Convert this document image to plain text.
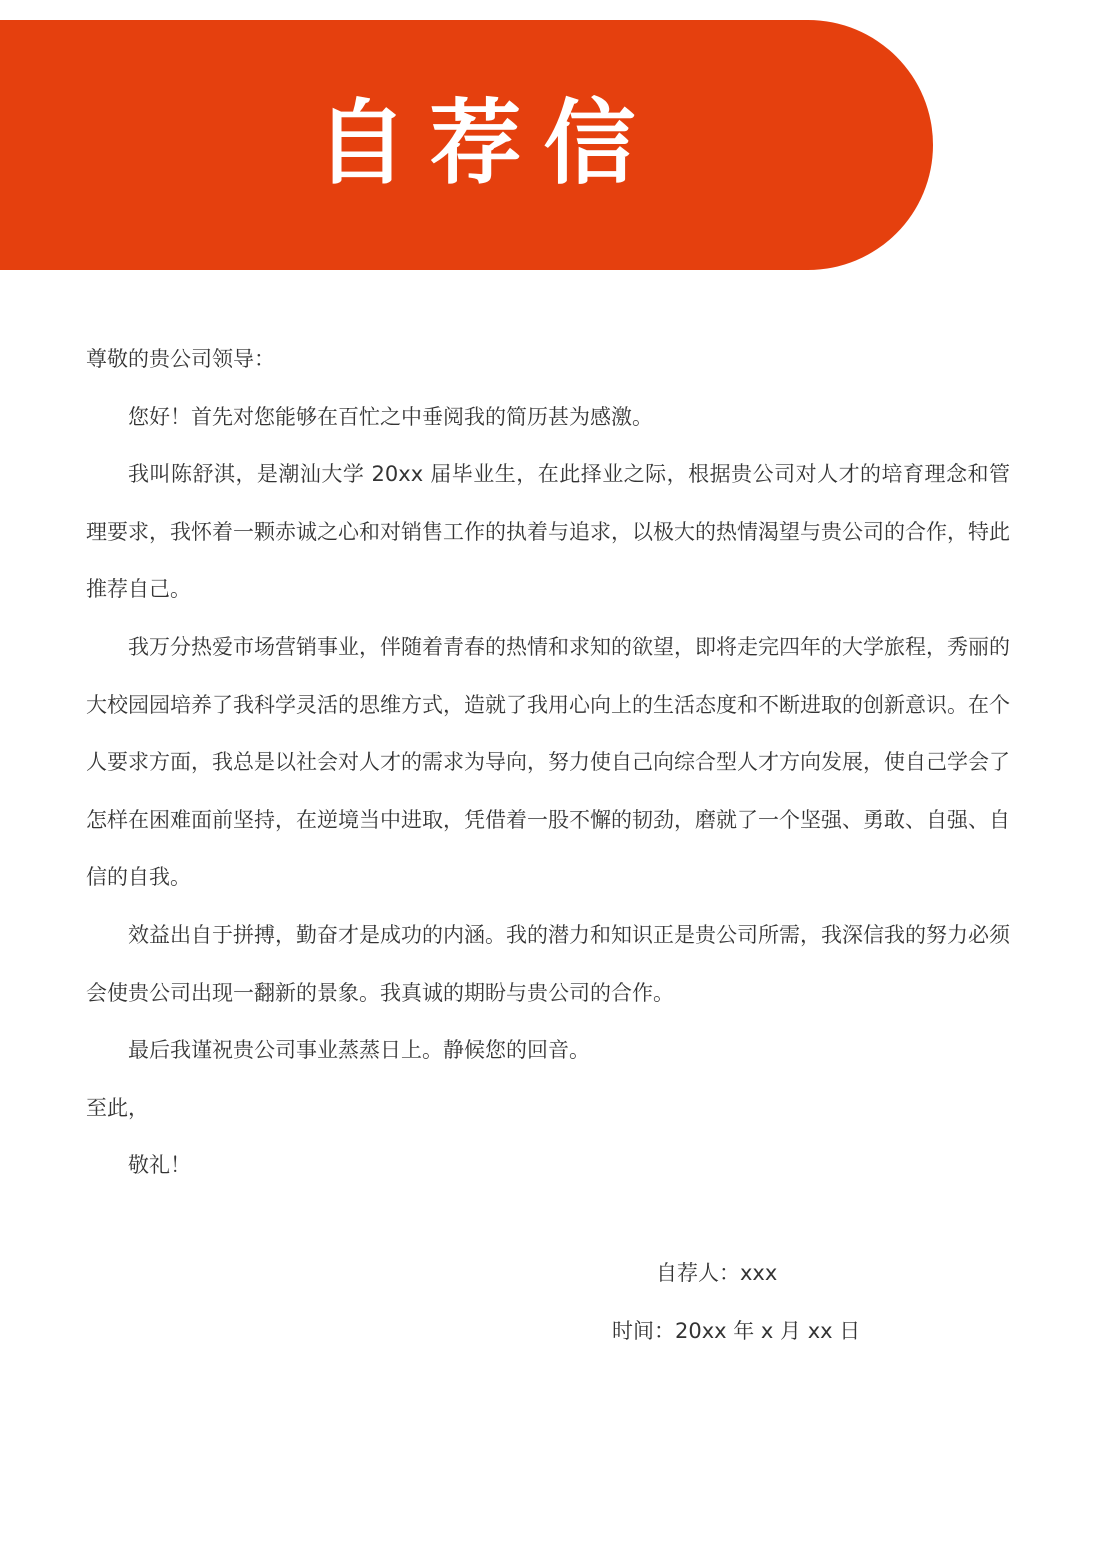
自荐信

尊敬的贵公司领导：

您好！首先对您能够在百忙之中垂阅我的简历甚为感激。

我叫陈舒淇，是潮汕大学 20xx 届毕业生，在此择业之际，根据贵公司对人才的培育理念和管理要求，我怀着一颗赤诚之心和对销售工作的执着与追求，以极大的热情渴望与贵公司的合作，特此推荐自己。

我万分热爱市场营销事业，伴随着青春的热情和求知的欲望，即将走完四年的大学旅程，秀丽的大校园园培养了我科学灵活的思维方式，造就了我用心向上的生活态度和不断进取的创新意识。在个人要求方面，我总是以社会对人才的需求为导向，努力使自己向综合型人才方向发展，使自己学会了怎样在困难面前坚持，在逆境当中进取，凭借着一股不懈的韧劲，磨就了一个坚强、勇敢、自强、自信的自我。

效益出自于拼搏，勤奋才是成功的内涵。我的潜力和知识正是贵公司所需，我深信我的努力必须会使贵公司出现一翻新的景象。我真诚的期盼与贵公司的合作。

最后我谨祝贵公司事业蒸蒸日上。静候您的回音。

至此，

敬礼！

自荐人：xxx
时间：20xx 年 x 月 xx 日
